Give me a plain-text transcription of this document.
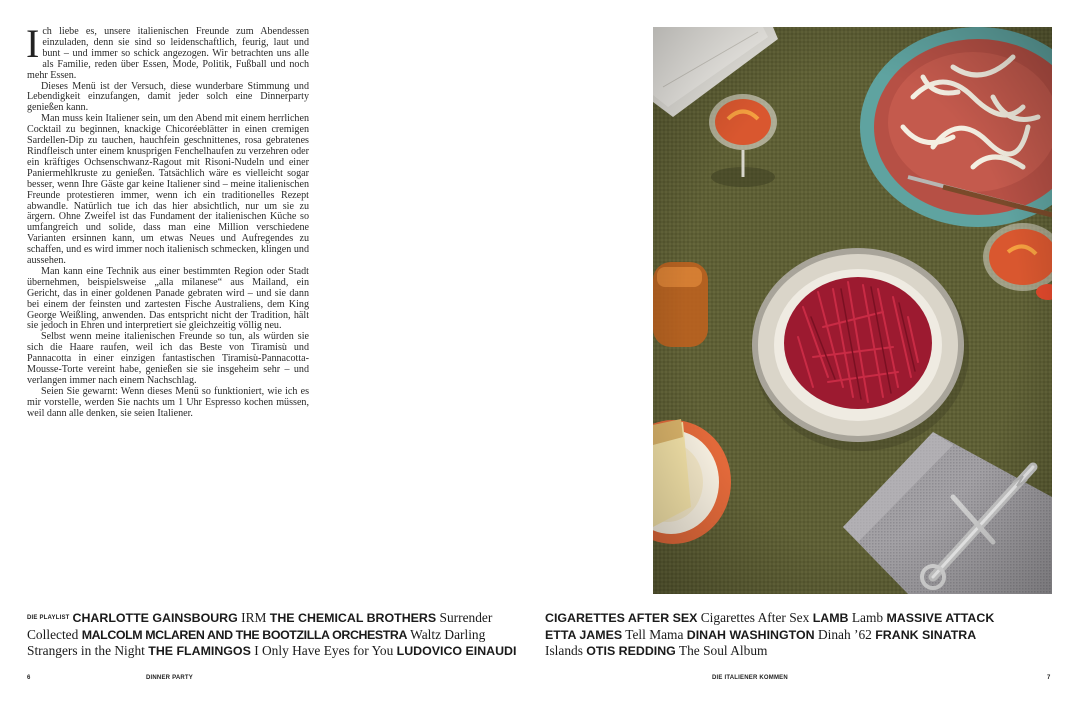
Ich liebe es, unsere italienischen Freunde zum Abendessen einzuladen, denn sie sind so leidenschaftlich, feurig, laut und bunt – und immer so schick angezogen. Wir betrachten uns alle als Familie, reden über Essen, Mode, Politik, Fußball und noch mehr Essen.

Dieses Menü ist der Versuch, diese wunderbare Stimmung und Lebendigkeit einzufangen, damit jeder solch eine Dinnerparty genießen kann.

Man muss kein Italiener sein, um den Abend mit einem herrlichen Cocktail zu beginnen, knackige Chicoréeblätter in einen cremigen Sardellen-Dip zu tauchen, hauchfein geschnittenes, rosa gebratenes Rindfleisch unter einem knusprigen Fenchelhaufen zu verzehren oder ein kräftiges Ochsenschwanz-Ragout mit Risoni-Nudeln und einer Paniermehlkruste zu genießen. Tatsächlich wäre es vielleicht sogar besser, wenn Ihre Gäste gar keine Italiener sind – meine italienischen Freunde protestieren immer, wenn ich ein traditionelles Rezept abwandle. Natürlich tue ich das hier absichtlich, nur um sie zu ärgern. Ohne Zweifel ist das Fundament der italienischen Küche so umfangreich und solide, dass man eine Million verschiedene Varianten ersinnen kann, um etwas Neues und Aufregendes zu schaffen, und es wird immer noch italienisch schmecken, klingen und aussehen.

Man kann eine Technik aus einer bestimmten Region oder Stadt übernehmen, beispielsweise „alla milanese“ aus Mailand, ein Gericht, das in einer goldenen Panade gebraten wird – und sie dann bei einem der feinsten und zartesten Fische Australiens, dem King George Weißling, anwenden. Das entspricht nicht der Tradition, hält sie jedoch in Ehren und interpretiert sie gleichzeitig völlig neu.

Selbst wenn meine italienischen Freunde so tun, als würden sie sich die Haare raufen, weil ich das Beste von Tiramisù und Pannacotta in einer einzigen fantastischen Tiramisù-Pannacotta-Mousse-Torte vereint habe, genießen sie sie insgeheim sehr – und verlangen immer nach einem Nachschlag.

Seien Sie gewarnt: Wenn dieses Menü so funktioniert, wie ich es mir vorstelle, werden Sie nachts um 1 Uhr Espresso kochen müssen, weil dann alle denken, sie seien Italiener.

$^{DIE PLAYLIST}$ CHARLOTTE GAINSBOURG IRM THE CHEMICAL BROTHERS Surrender
Collected MALCOLM MCLAREN AND THE BOOTZILLA ORCHESTRA Waltz Darling
Strangers in the Night THE FLAMINGOS I Only Have Eyes for You LUDOVICO EINAUDI
CIGARETTES AFTER SEX Cigarettes After Sex LAMB Lamb MASSIVE ATTACK
ETTA JAMES Tell Mama DINAH WASHINGTON Dinah ’62 FRANK SINATRA
Islands OTIS REDDING The Soul Album
6	DINNER PARTY	DIE ITALIENER KOMMEN	7
